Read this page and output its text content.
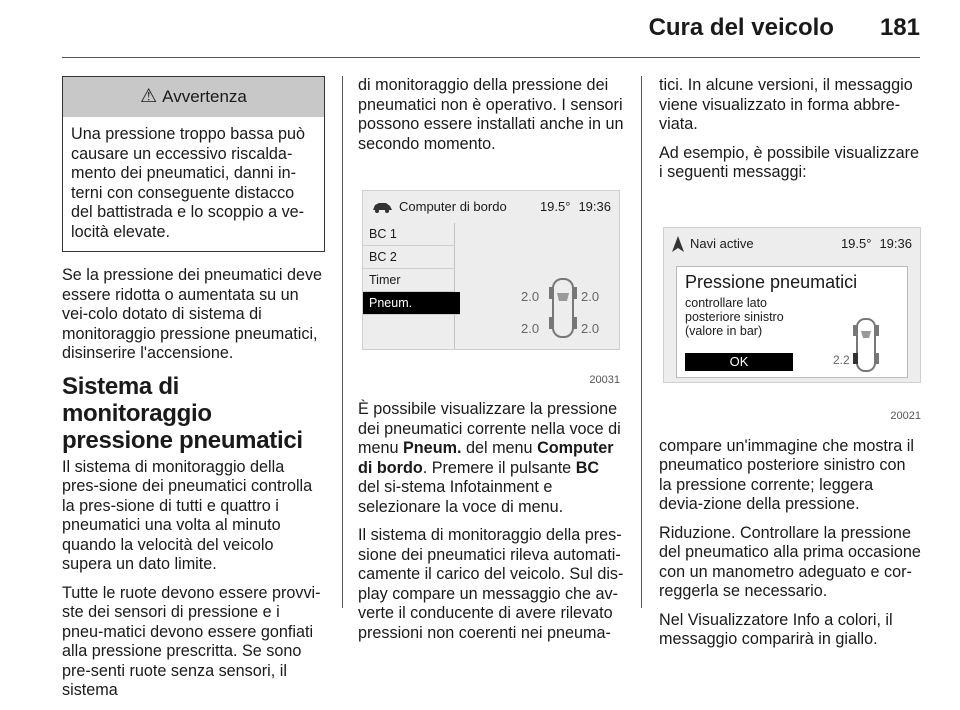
Cura del veicolo 181
⚠ Avvertenza
Una pressione troppo bassa può causare un eccessivo riscalda-mento dei pneumatici, danni in-terni con conseguente distacco del battistrada e lo scoppio a ve-locità elevate.

Se la pressione dei pneumatici deve essere ridotta o aumentata su un vei-colo dotato di sistema di monitoraggio pressione pneumatici, disinserire l'accensione.

Sistema di monitoraggio pressione pneumatici

Il sistema di monitoraggio della pres-sione dei pneumatici controlla la pres-sione di tutti e quattro i pneumatici una volta al minuto quando la velocità del veicolo supera un dato limite.

Tutte le ruote devono essere provvi-ste dei sensori di pressione e i pneu-matici devono essere gonfiati alla pressione prescritta. Se sono pre-senti ruote senza sensori, il sistema

di monitoraggio della pressione dei pneumatici non è operativo. I sensori possono essere installati anche in un secondo momento.

Computer di bordo	19.5° 19:36
BC 1
BC 2
Timer
Pneum.	2.0	2.0
2.0	2.0
20031

È possibile visualizzare la pressione dei pneumatici corrente nella voce di menu Pneum. del menu Computer di bordo. Premere il pulsante BC del si-stema Infotainment e selezionare la voce di menu.

Il sistema di monitoraggio della pres-sione dei pneumatici rileva automati-camente il carico del veicolo. Sul dis-play compare un messaggio che av-verte il conducente di avere rilevato pressioni non coerenti nei pneuma-

tici. In alcune versioni, il messaggio viene visualizzato in forma abbre-viata.

Ad esempio, è possibile visualizzare i seguenti messaggi:

Navi active	19.5° 19:36
Pressione pneumatici
controllare lato posteriore sinistro (valore in bar)
OK	2.2
20021

compare un'immagine che mostra il pneumatico posteriore sinistro con la pressione corrente; leggera devia-zione della pressione.

Riduzione. Controllare la pressione del pneumatico alla prima occasione con un manometro adeguato e cor-reggerla se necessario.

Nel Visualizzatore Info a colori, il messaggio comparirà in giallo.
